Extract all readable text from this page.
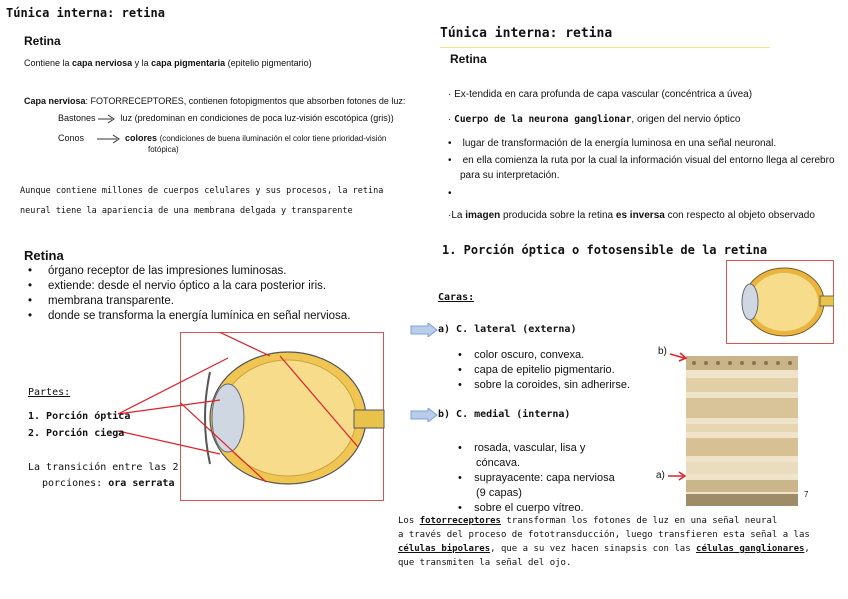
Túnica interna: retina
Retina
Contiene la capa nerviosa y la capa pigmentaria (epitelio pigmentario)
Capa nerviosa: FOTORRECEPTORES, contienen fotopigmentos que absorben fotones de luz:
Bastones	luz (predominan en condiciones de poca luz-visión escotópica (gris))
Conos	colores (condiciones de buena iluminación el color tiene prioridad-visión
fotópica)
Aunque contiene millones de cuerpos celulares y sus procesos, la retina
neural tiene la apariencia de una membrana delgada y transparente
Túnica interna: retina
Retina
· Ex‐tendida en cara profunda de capa vascular (concéntrica a úvea)
· Cuerpo de la neurona ganglionar, origen del nervio óptico
•    lugar de transformación de la energía luminosa en una señal neuronal.
•    en ella comienza la ruta por la cual la información visual del entorno llega al cerebro
para su interpretación.
•
·La imagen producida sobre la retina es inversa con respecto al objeto observado
Retina
•     órgano receptor de las impresiones luminosas.
•     extiende: desde el nervio óptico a la cara posterior iris.
•     membrana transparente.
•     donde se transforma la energía lumínica en señal nerviosa.
Partes:
1. Porción óptica
2. Porción ciega
La transición entre las 2
porciones: ora serrata
1. Porción óptica o fotosensible de la retina
Caras:
a) C. lateral (externa)
•    color oscuro, convexa.
•    capa de epitelio pigmentario.
•    sobre la coroides, sin adherirse.
b) C. medial (interna)
•    rosada, vascular, lisa y
cóncava.
•    suprayacente: capa nerviosa
(9 capas)
•    sobre el cuerpo vítreo.
b)
a)
7
Los fotorreceptores transforman los fotones de luz en una señal neural
a través del proceso de fototransducción, luego transfieren esta señal a las
células bipolares, que a su vez hacen sinapsis con las células ganglionares,
que transmiten la señal del ojo.
